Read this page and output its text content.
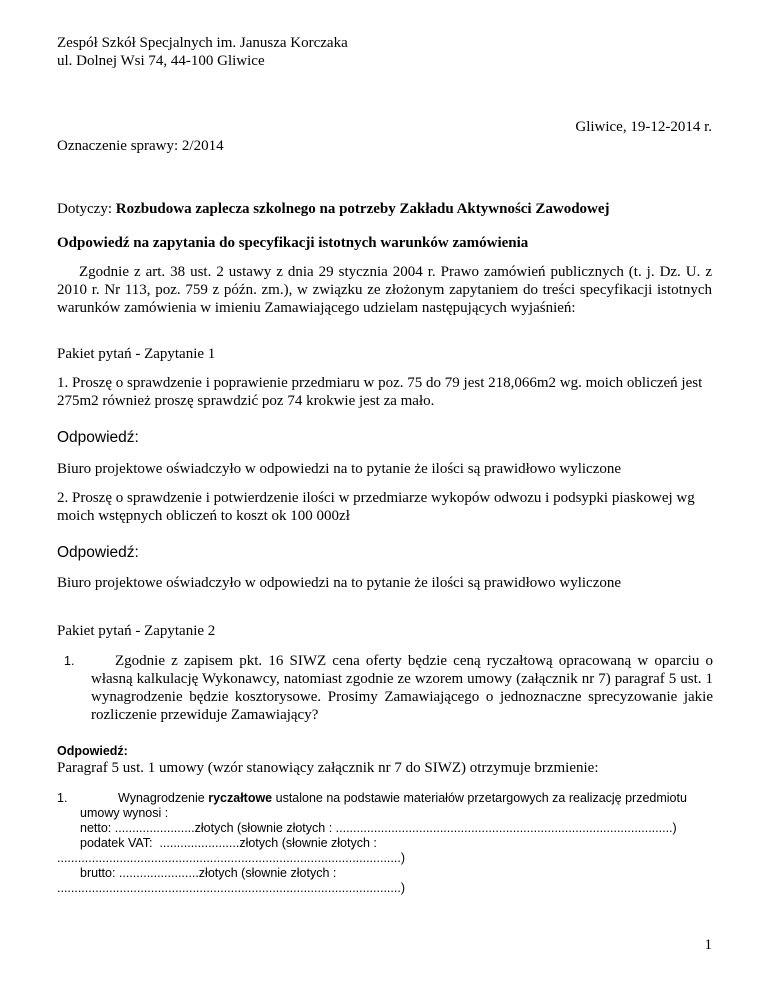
Zespół Szkół Specjalnych im. Janusza Korczaka
ul. Dolnej Wsi 74, 44-100 Gliwice
Gliwice, 19-12-2014 r.
Oznaczenie sprawy: 2/2014
Dotyczy: Rozbudowa zaplecza szkolnego na potrzeby Zakładu Aktywności Zawodowej
Odpowiedź na zapytania do specyfikacji istotnych warunków zamówienia
Zgodnie z art. 38 ust. 2 ustawy z dnia 29 stycznia 2004 r. Prawo zamówień publicznych (t. j. Dz. U. z 2010 r. Nr 113, poz. 759 z późn. zm.), w związku ze złożonym zapytaniem do treści specyfikacji istotnych warunków zamówienia w imieniu Zamawiającego udzielam następujących wyjaśnień:
Pakiet pytań - Zapytanie 1
1. Proszę o sprawdzenie i poprawienie przedmiaru w poz. 75 do 79 jest 218,066m2 wg. moich obliczeń jest 275m2 również proszę sprawdzić poz 74 krokwie jest za mało.
Odpowiedź:
Biuro projektowe oświadczyło w odpowiedzi na to pytanie że ilości są prawidłowo wyliczone
2. Proszę o sprawdzenie i potwierdzenie ilości w przedmiarze wykopów odwozu i podsypki piaskowej wg moich wstępnych obliczeń to koszt ok 100 000zł
Odpowiedź:
Biuro projektowe oświadczyło w odpowiedzi na to pytanie że ilości są prawidłowo wyliczone
Pakiet pytań - Zapytanie 2
1.	Zgodnie z zapisem pkt. 16 SIWZ cena oferty będzie ceną ryczałtową opracowaną w oparciu o własną kalkulację Wykonawcy, natomiast zgodnie ze wzorem umowy (załącznik nr 7) paragraf 5 ust. 1 wynagrodzenie będzie kosztorysowe. Prosimy Zamawiającego o jednoznaczne sprecyzowanie jakie rozliczenie przewiduje Zamawiający?
Odpowiedź:
Paragraf 5 ust. 1 umowy (wzór stanowiący załącznik nr 7 do SIWZ) otrzymuje brzmienie:
1.	Wynagrodzenie ryczałtowe ustalone na podstawie materiałów przetargowych za realizację przedmiotu umowy wynosi :
netto: .......................złotych (słownie złotych : .................................................................................................)
podatek VAT:  .......................złotych (słownie złotych :
...................................................................................................)
brutto: .......................złotych (słownie złotych :
...................................................................................................)
1
